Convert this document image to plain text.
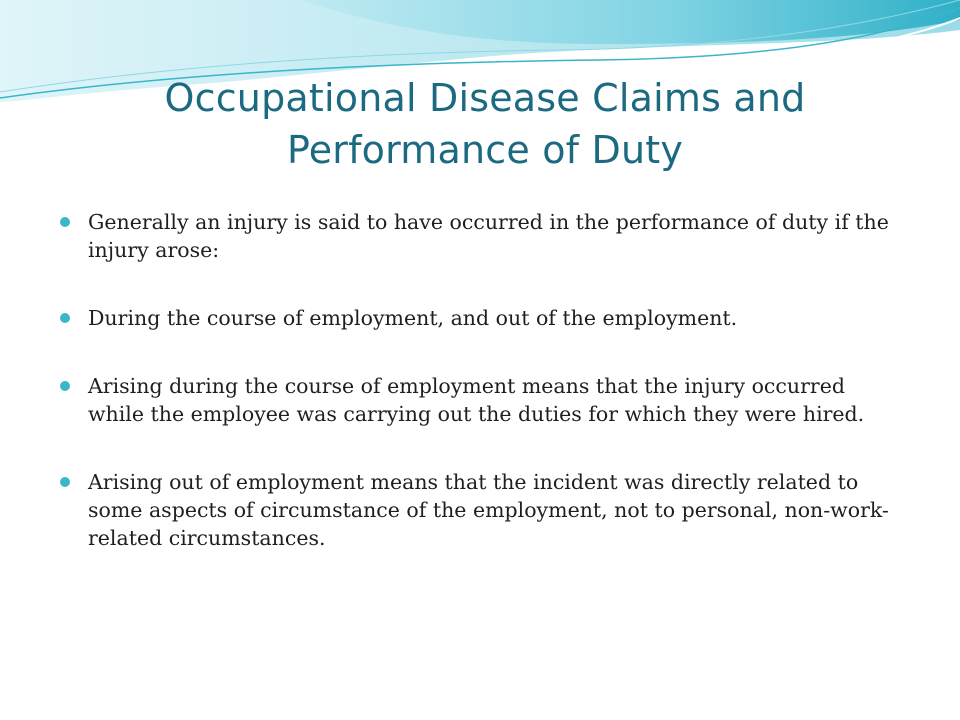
Occupational Disease Claims and Performance of Duty
Generally an injury is said to have occurred in the performance of duty if the injury arose:
During the course of employment, and out of the employment.
Arising during the course of employment means that the injury occurred while the employee was carrying out the duties for which they were hired.
Arising out of employment means that the incident was directly related to some aspects of circumstance of the employment, not to personal, non-work-related circumstances.
